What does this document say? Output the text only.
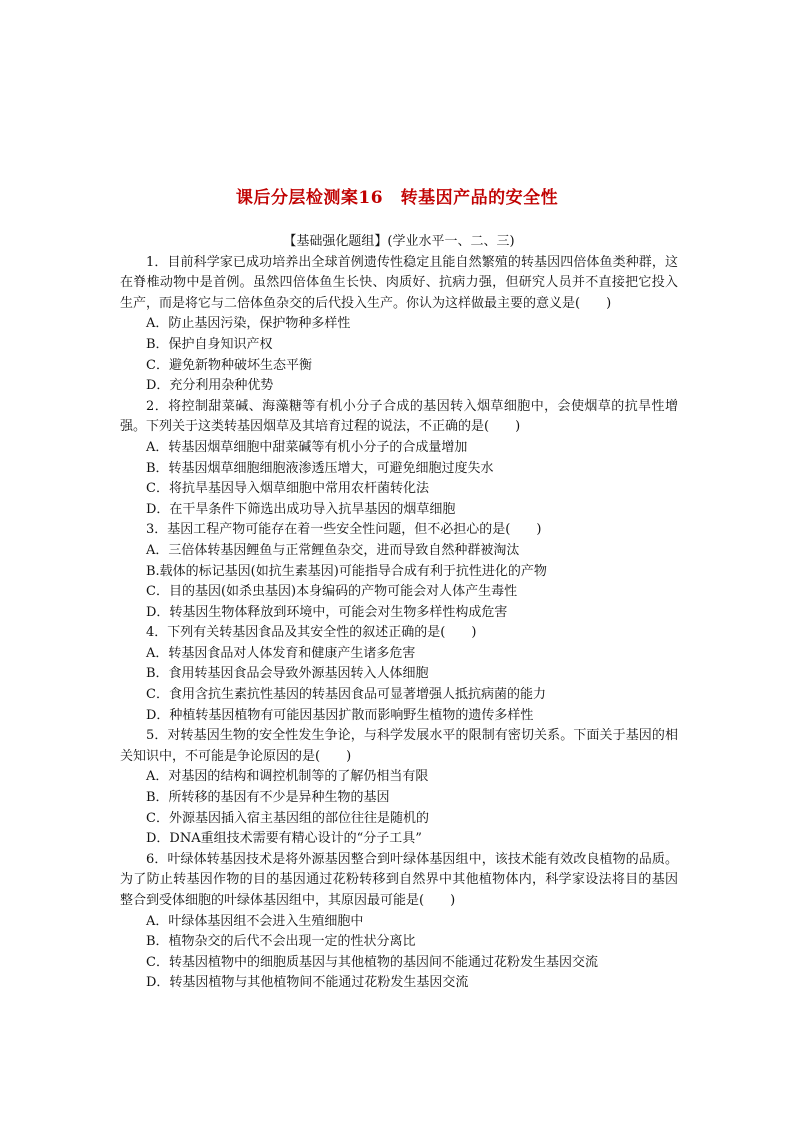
课后分层检测案16　转基因产品的安全性
【基础强化题组】(学业水平一、二、三)
1．目前科学家已成功培养出全球首例遗传性稳定且能自然繁殖的转基因四倍体鱼类种群，这在脊椎动物中是首例。虽然四倍体鱼生长快、肉质好、抗病力强，但研究人员并不直接把它投入生产，而是将它与二倍体鱼杂交的后代投入生产。你认为这样做最主要的意义是(　　)
A．防止基因污染，保护物种多样性
B．保护自身知识产权
C．避免新物种破坏生态平衡
D．充分利用杂种优势
2．将控制甜菜碱、海藻糖等有机小分子合成的基因转入烟草细胞中，会使烟草的抗旱性增强。下列关于这类转基因烟草及其培育过程的说法，不正确的是(　　)
A．转基因烟草细胞中甜菜碱等有机小分子的合成量增加
B．转基因烟草细胞细胞液渗透压增大，可避免细胞过度失水
C．将抗旱基因导入烟草细胞中常用农杆菌转化法
D．在干旱条件下筛选出成功导入抗旱基因的烟草细胞
3．基因工程产物可能存在着一些安全性问题，但不必担心的是(　　)
A．三倍体转基因鲤鱼与正常鲤鱼杂交，进而导致自然种群被淘汰
B.载体的标记基因(如抗生素基因)可能指导合成有利于抗性进化的产物
C．目的基因(如杀虫基因)本身编码的产物可能会对人体产生毒性
D．转基因生物体释放到环境中，可能会对生物多样性构成危害
4．下列有关转基因食品及其安全性的叙述正确的是(　　)
A．转基因食品对人体发育和健康产生诸多危害
B．食用转基因食品会导致外源基因转入人体细胞
C．食用含抗生素抗性基因的转基因食品可显著增强人抵抗病菌的能力
D．种植转基因植物有可能因基因扩散而影响野生植物的遗传多样性
5．对转基因生物的安全性发生争论，与科学发展水平的限制有密切关系。下面关于基因的相关知识中，不可能是争论原因的是(　　)
A．对基因的结构和调控机制等的了解仍相当有限
B．所转移的基因有不少是异种生物的基因
C．外源基因插入宿主基因组的部位往往是随机的
D．DNA重组技术需要有精心设计的“分子工具”
6．叶绿体转基因技术是将外源基因整合到叶绿体基因组中，该技术能有效改良植物的品质。为了防止转基因作物的目的基因通过花粉转移到自然界中其他植物体内，科学家设法将目的基因整合到受体细胞的叶绿体基因组中，其原因最可能是(　　)
A．叶绿体基因组不会进入生殖细胞中
B．植物杂交的后代不会出现一定的性状分离比
C．转基因植物中的细胞质基因与其他植物的基因间不能通过花粉发生基因交流
D．转基因植物与其他植物间不能通过花粉发生基因交流
